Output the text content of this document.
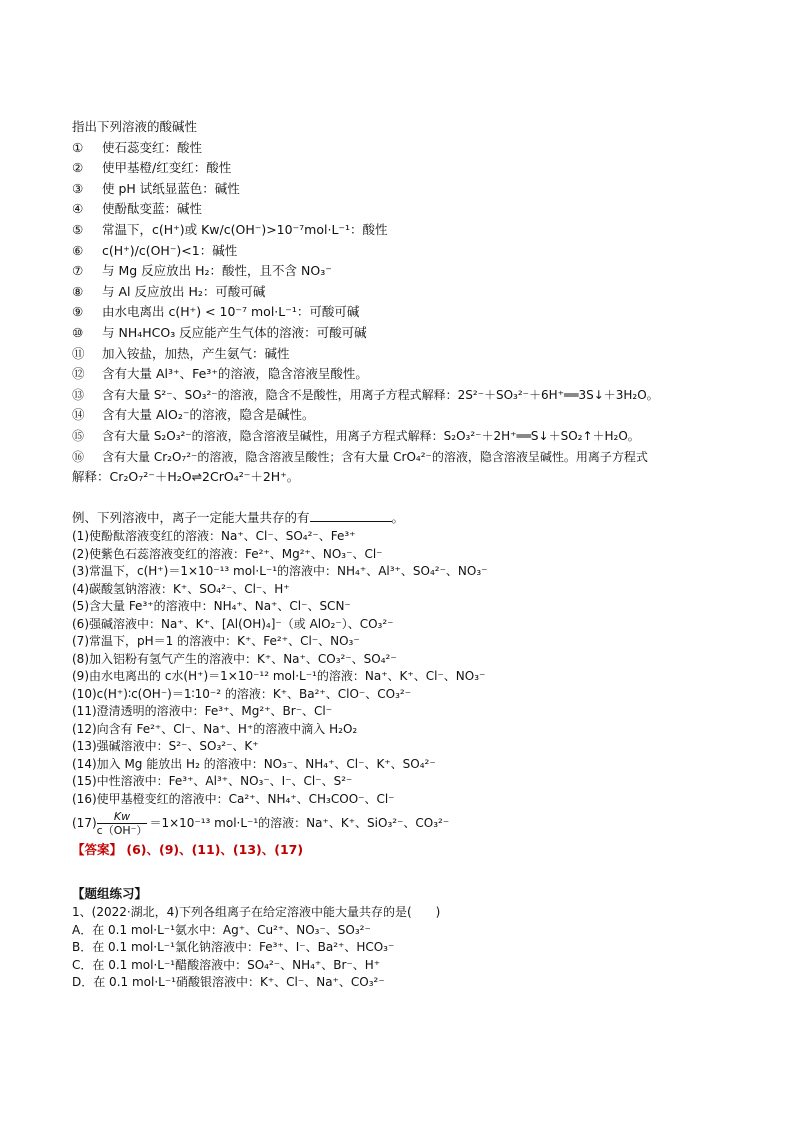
指出下列溶液的酸碱性
① 使石蕊变红：酸性
② 使甲基橙/红变红：酸性
③ 使 pH 试纸显蓝色：碱性
④ 使酚酞变蓝：碱性
⑤ 常温下，c(H⁺)或 Kw/c(OH⁻)>10⁻⁷mol·L⁻¹：酸性
⑥ c(H⁺)/c(OH⁻)<1：碱性
⑦ 与 Mg 反应放出 H₂：酸性，且不含 NO₃⁻
⑧ 与 Al 反应放出 H₂：可酸可碱
⑨ 由水电离出 c(H⁺) < 10⁻⁷ mol·L⁻¹：可酸可碱
⑩ 与 NH₄HCO₃ 反应能产生气体的溶液：可酸可碱
⑪ 加入铵盐，加热，产生氨气：碱性
⑫ 含有大量 Al³⁺、Fe³⁺的溶液，隐含溶液呈酸性。
⑬ 含有大量 S²⁻、SO₃²⁻的溶液，隐含不是酸性，用离子方程式解释：2S²⁻＋SO₃²⁻＋6H⁺══3S↓＋3H₂O。
⑭ 含有大量 AlO₂⁻的溶液，隐含是碱性。
⑮ 含有大量 S₂O₃²⁻的溶液，隐含溶液呈碱性，用离子方程式解释：S₂O₃²⁻＋2H⁺══S↓＋SO₂↑＋H₂O。
⑯ 含有大量 Cr₂O₇²⁻的溶液，隐含溶液呈酸性；含有大量 CrO₄²⁻的溶液，隐含溶液呈碱性。用离子方程式
解释：Cr₂O₇²⁻＋H₂O⇌2CrO₄²⁻＋2H⁺。
例、下列溶液中，离子一定能大量共存的有	。
(1)使酚酞溶液变红的溶液：Na⁺、Cl⁻、SO₄²⁻、Fe³⁺
(2)使紫色石蕊溶液变红的溶液：Fe²⁺、Mg²⁺、NO₃⁻、Cl⁻
(3)常温下，c(H⁺)＝1×10⁻¹³ mol·L⁻¹的溶液中：NH₄⁺、Al³⁺、SO₄²⁻、NO₃⁻
(4)碳酸氢钠溶液：K⁺、SO₄²⁻、Cl⁻、H⁺
(5)含大量 Fe³⁺的溶液中：NH₄⁺、Na⁺、Cl⁻、SCN⁻
(6)强碱溶液中：Na⁺、K⁺、[Al(OH)₄]⁻（或 AlO₂⁻）、CO₃²⁻
(7)常温下，pH＝1 的溶液中：K⁺、Fe²⁺、Cl⁻、NO₃⁻
(8)加入铝粉有氢气产生的溶液中：K⁺、Na⁺、CO₃²⁻、SO₄²⁻
(9)由水电离出的 c水(H⁺)＝1×10⁻¹² mol·L⁻¹的溶液：Na⁺、K⁺、Cl⁻、NO₃⁻
(10)c(H⁺)∶c(OH⁻)＝1∶10⁻² 的溶液：K⁺、Ba²⁺、ClO⁻、CO₃²⁻
(11)澄清透明的溶液中：Fe³⁺、Mg²⁺、Br⁻、Cl⁻
(12)向含有 Fe²⁺、Cl⁻、Na⁺、H⁺的溶液中滴入 H₂O₂
(13)强碱溶液中：S²⁻、SO₃²⁻、K⁺
(14)加入 Mg 能放出 H₂ 的溶液中：NO₃⁻、NH₄⁺、Cl⁻、K⁺、SO₄²⁻
(15)中性溶液中：Fe³⁺、Al³⁺、NO₃⁻、I⁻、Cl⁻、S²⁻
(16)使甲基橙变红的溶液中：Ca²⁺、NH₄⁺、CH₃COO⁻、Cl⁻
$(17) \frac{Kw}{c(OH^-)} =1\times 10^{-13}$ mol·L⁻¹的溶液：Na⁺、K⁺、SiO₃²⁻、CO₃²⁻
【答案】 (6)、(9)、(11)、(13)、(17)
【题组练习】
1、(2022·湖北，4)下列各组离子在给定溶液中能大量共存的是(　　)
A．在 0.1 mol·L⁻¹氨水中：Ag⁺、Cu²⁺、NO₃⁻、SO₃²⁻
B．在 0.1 mol·L⁻¹氯化钠溶液中：Fe³⁺、I⁻、Ba²⁺、HCO₃⁻
C．在 0.1 mol·L⁻¹醋酸溶液中：SO₄²⁻、NH₄⁺、Br⁻、H⁺
D．在 0.1 mol·L⁻¹硝酸银溶液中：K⁺、Cl⁻、Na⁺、CO₃²⁻
